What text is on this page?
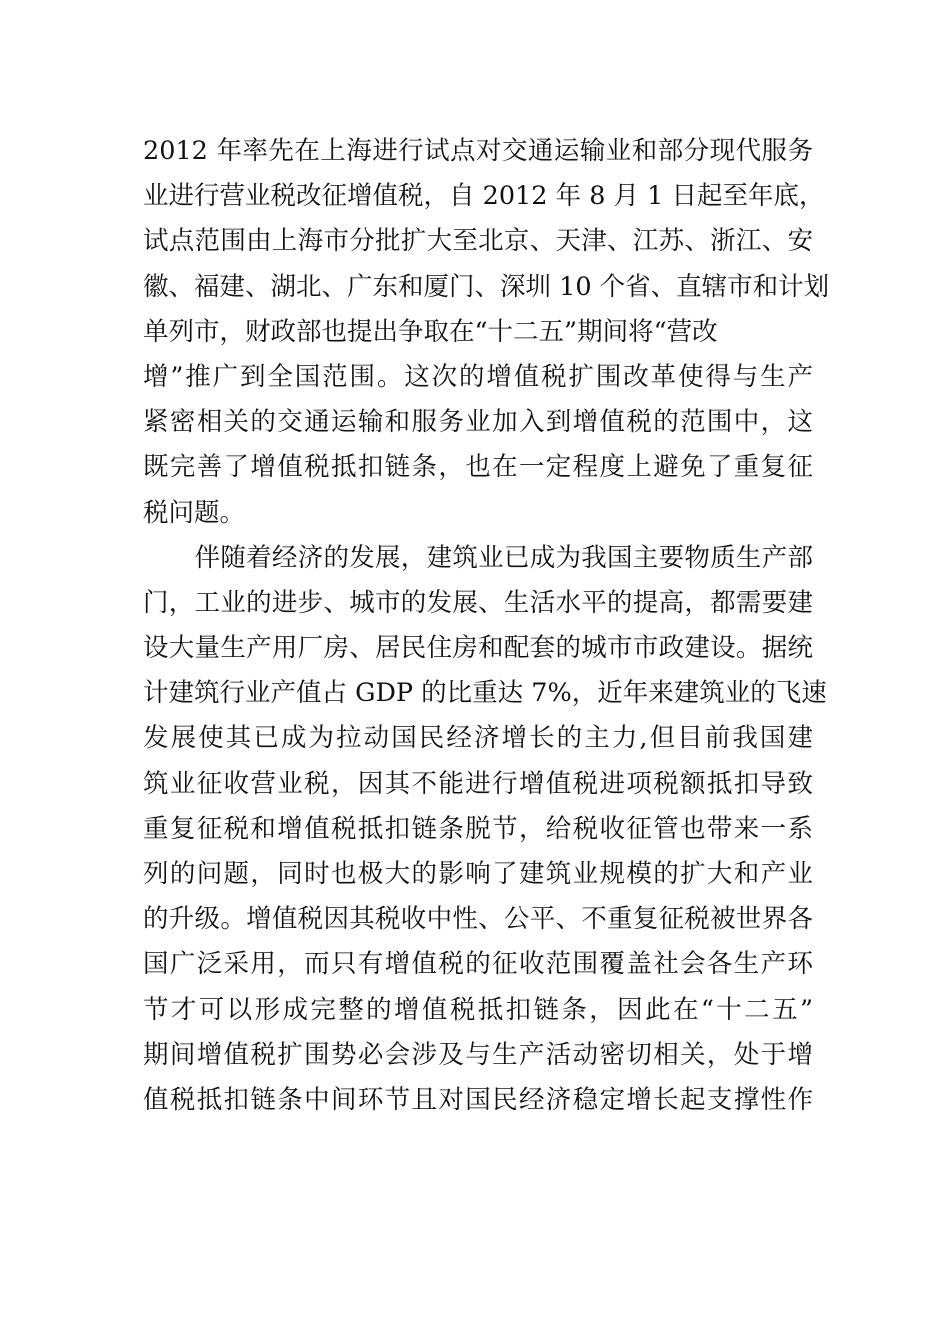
2012 年率先在上海进行试点对交通运输业和部分现代服务
业进行营业税改征增值税，自 2012 年 8 月 1 日起至年底，
试点范围由上海市分批扩大至北京、天津、江苏、浙江、安
徽、福建、湖北、广东和厦门、深圳 10 个省、直辖市和计划
单列市，财政部也提出争取在“十二五”期间将“营改
增”推广到全国范围。这次的增值税扩围改革使得与生产
紧密相关的交通运输和服务业加入到增值税的范围中，这
既完善了增值税抵扣链条，也在一定程度上避免了重复征
税问题。
　　伴随着经济的发展，建筑业已成为我国主要物质生产部
门，工业的进步、城市的发展、生活水平的提高，都需要建
设大量生产用厂房、居民住房和配套的城市市政建设。据统
计建筑行业产值占 GDP 的比重达 7%，近年来建筑业的飞速
发展使其已成为拉动国民经济增长的主力,但目前我国建
筑业征收营业税，因其不能进行增值税进项税额抵扣导致
重复征税和增值税抵扣链条脱节，给税收征管也带来一系
列的问题，同时也极大的影响了建筑业规模的扩大和产业
的升级。增值税因其税收中性、公平、不重复征税被世界各
国广泛采用，而只有增值税的征收范围覆盖社会各生产环
节才可以形成完整的增值税抵扣链条，因此在“十二五”
期间增值税扩围势必会涉及与生产活动密切相关，处于增
值税抵扣链条中间环节且对国民经济稳定增长起支撑性作
